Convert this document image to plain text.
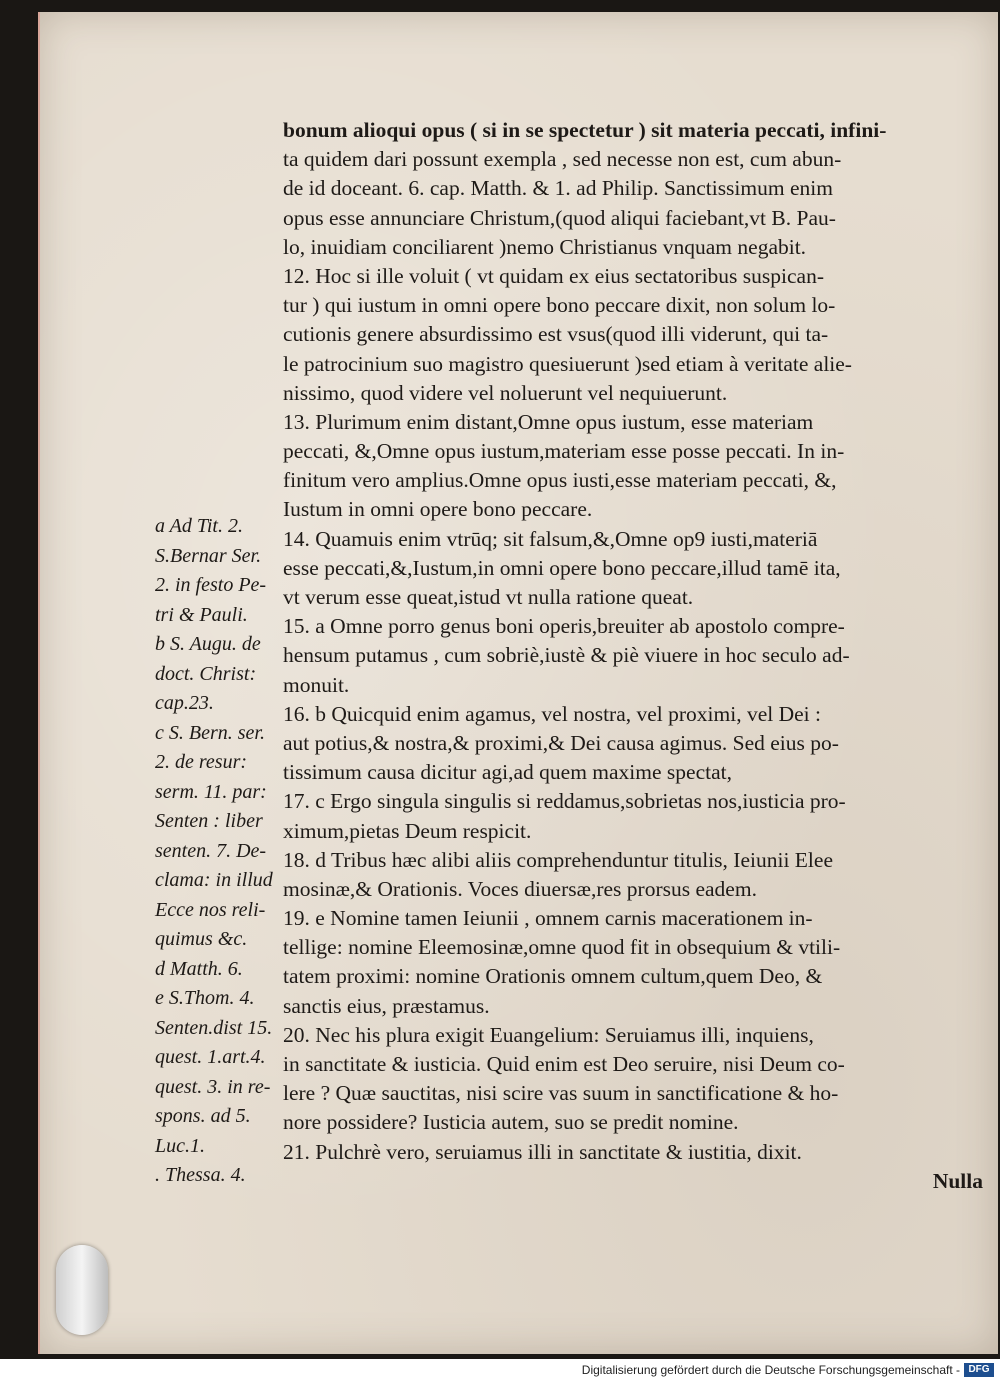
bonum alioqui opus ( si in se spectetur ) sit materia peccati, infini-
ta quidem dari possunt exempla , sed necesse non est, cum abun-
de id doceant. 6. cap. Matth. & 1. ad Philip. Sanctissimum enim
opus esse annunciare Christum,(quod aliqui faciebant,vt B. Pau-
lo, inuidiam conciliarent )nemo Christianus vnquam negabit.
12. Hoc si ille voluit ( vt quidam ex eius sectatoribus suspican-
tur ) qui iustum in omni opere bono peccare dixit, non solum lo-
cutionis genere absurdissimo est vsus(quod illi viderunt, qui ta-
le patrocinium suo magistro quesiuerunt )sed etiam à veritate alie-
nissimo, quod videre vel noluerunt vel nequiuerunt.
13. Plurimum enim distant,Omne opus iustum, esse materiam
peccati, &,Omne opus iustum,materiam esse posse peccati. In in-
finitum vero amplius.Omne opus iusti,esse materiam peccati, &,
Iustum in omni opere bono peccare.
14. Quamuis enim vtrūq; sit falsum,&,Omne op9 iusti,materiā
esse peccati,&,Iustum,in omni opere bono peccare,illud tamē ita,
vt verum esse queat,istud vt nulla ratione queat.
15. a Omne porro genus boni operis,breuiter ab apostolo compre-
hensum putamus , cum sobriè,iustè & piè viuere in hoc seculo ad-
monuit.
16. b Quicquid enim agamus, vel nostra, vel proximi, vel Dei :
aut potius,& nostra,& proximi,& Dei causa agimus. Sed eius po-
tissimum causa dicitur agi,ad quem maxime spectat,
17. c Ergo singula singulis si reddamus,sobrietas nos,iusticia pro-
ximum,pietas Deum respicit.
18. d Tribus hæc alibi aliis comprehenduntur titulis, Ieiunii Elee
mosinæ,& Orationis. Voces diuersæ,res prorsus eadem.
19. e Nomine tamen Ieiunii , omnem carnis macerationem in-
tellige: nomine Eleemosinæ,omne quod fit in obsequium & vtili-
tatem proximi: nomine Orationis omnem cultum,quem Deo, &
sanctis eius, præstamus.
20. Nec his plura exigit Euangelium: Seruiamus illi, inquiens,
in sanctitate & iusticia. Quid enim est Deo seruire, nisi Deum co-
lere ? Quæ sauctitas, nisi scire vas suum in sanctificatione & ho-
nore possidere? Iusticia autem, suo se predit nomine.
21. Pulchrè vero, seruiamus illi in sanctitate & iustitia, dixit.
Nulla
a Ad Tit. 2.
S.Bernar Ser.
2. in festo Pe-
tri & Pauli.
b S. Augu. de
doct. Christ:
cap.23.
c S. Bern. ser.
2. de resur:
serm. 11. par:
Senten : liber
senten. 7. De-
clama: in illud
Ecce nos reli-
quimus &c.
d Matth. 6.
e S.Thom. 4.
Senten.dist 15.
quest. 1.art.4.
quest. 3. in re-
spons. ad 5.
Luc.1.
. Thessa. 4.
Digitalisierung gefördert durch die Deutsche Forschungsgemeinschaft - DFG
